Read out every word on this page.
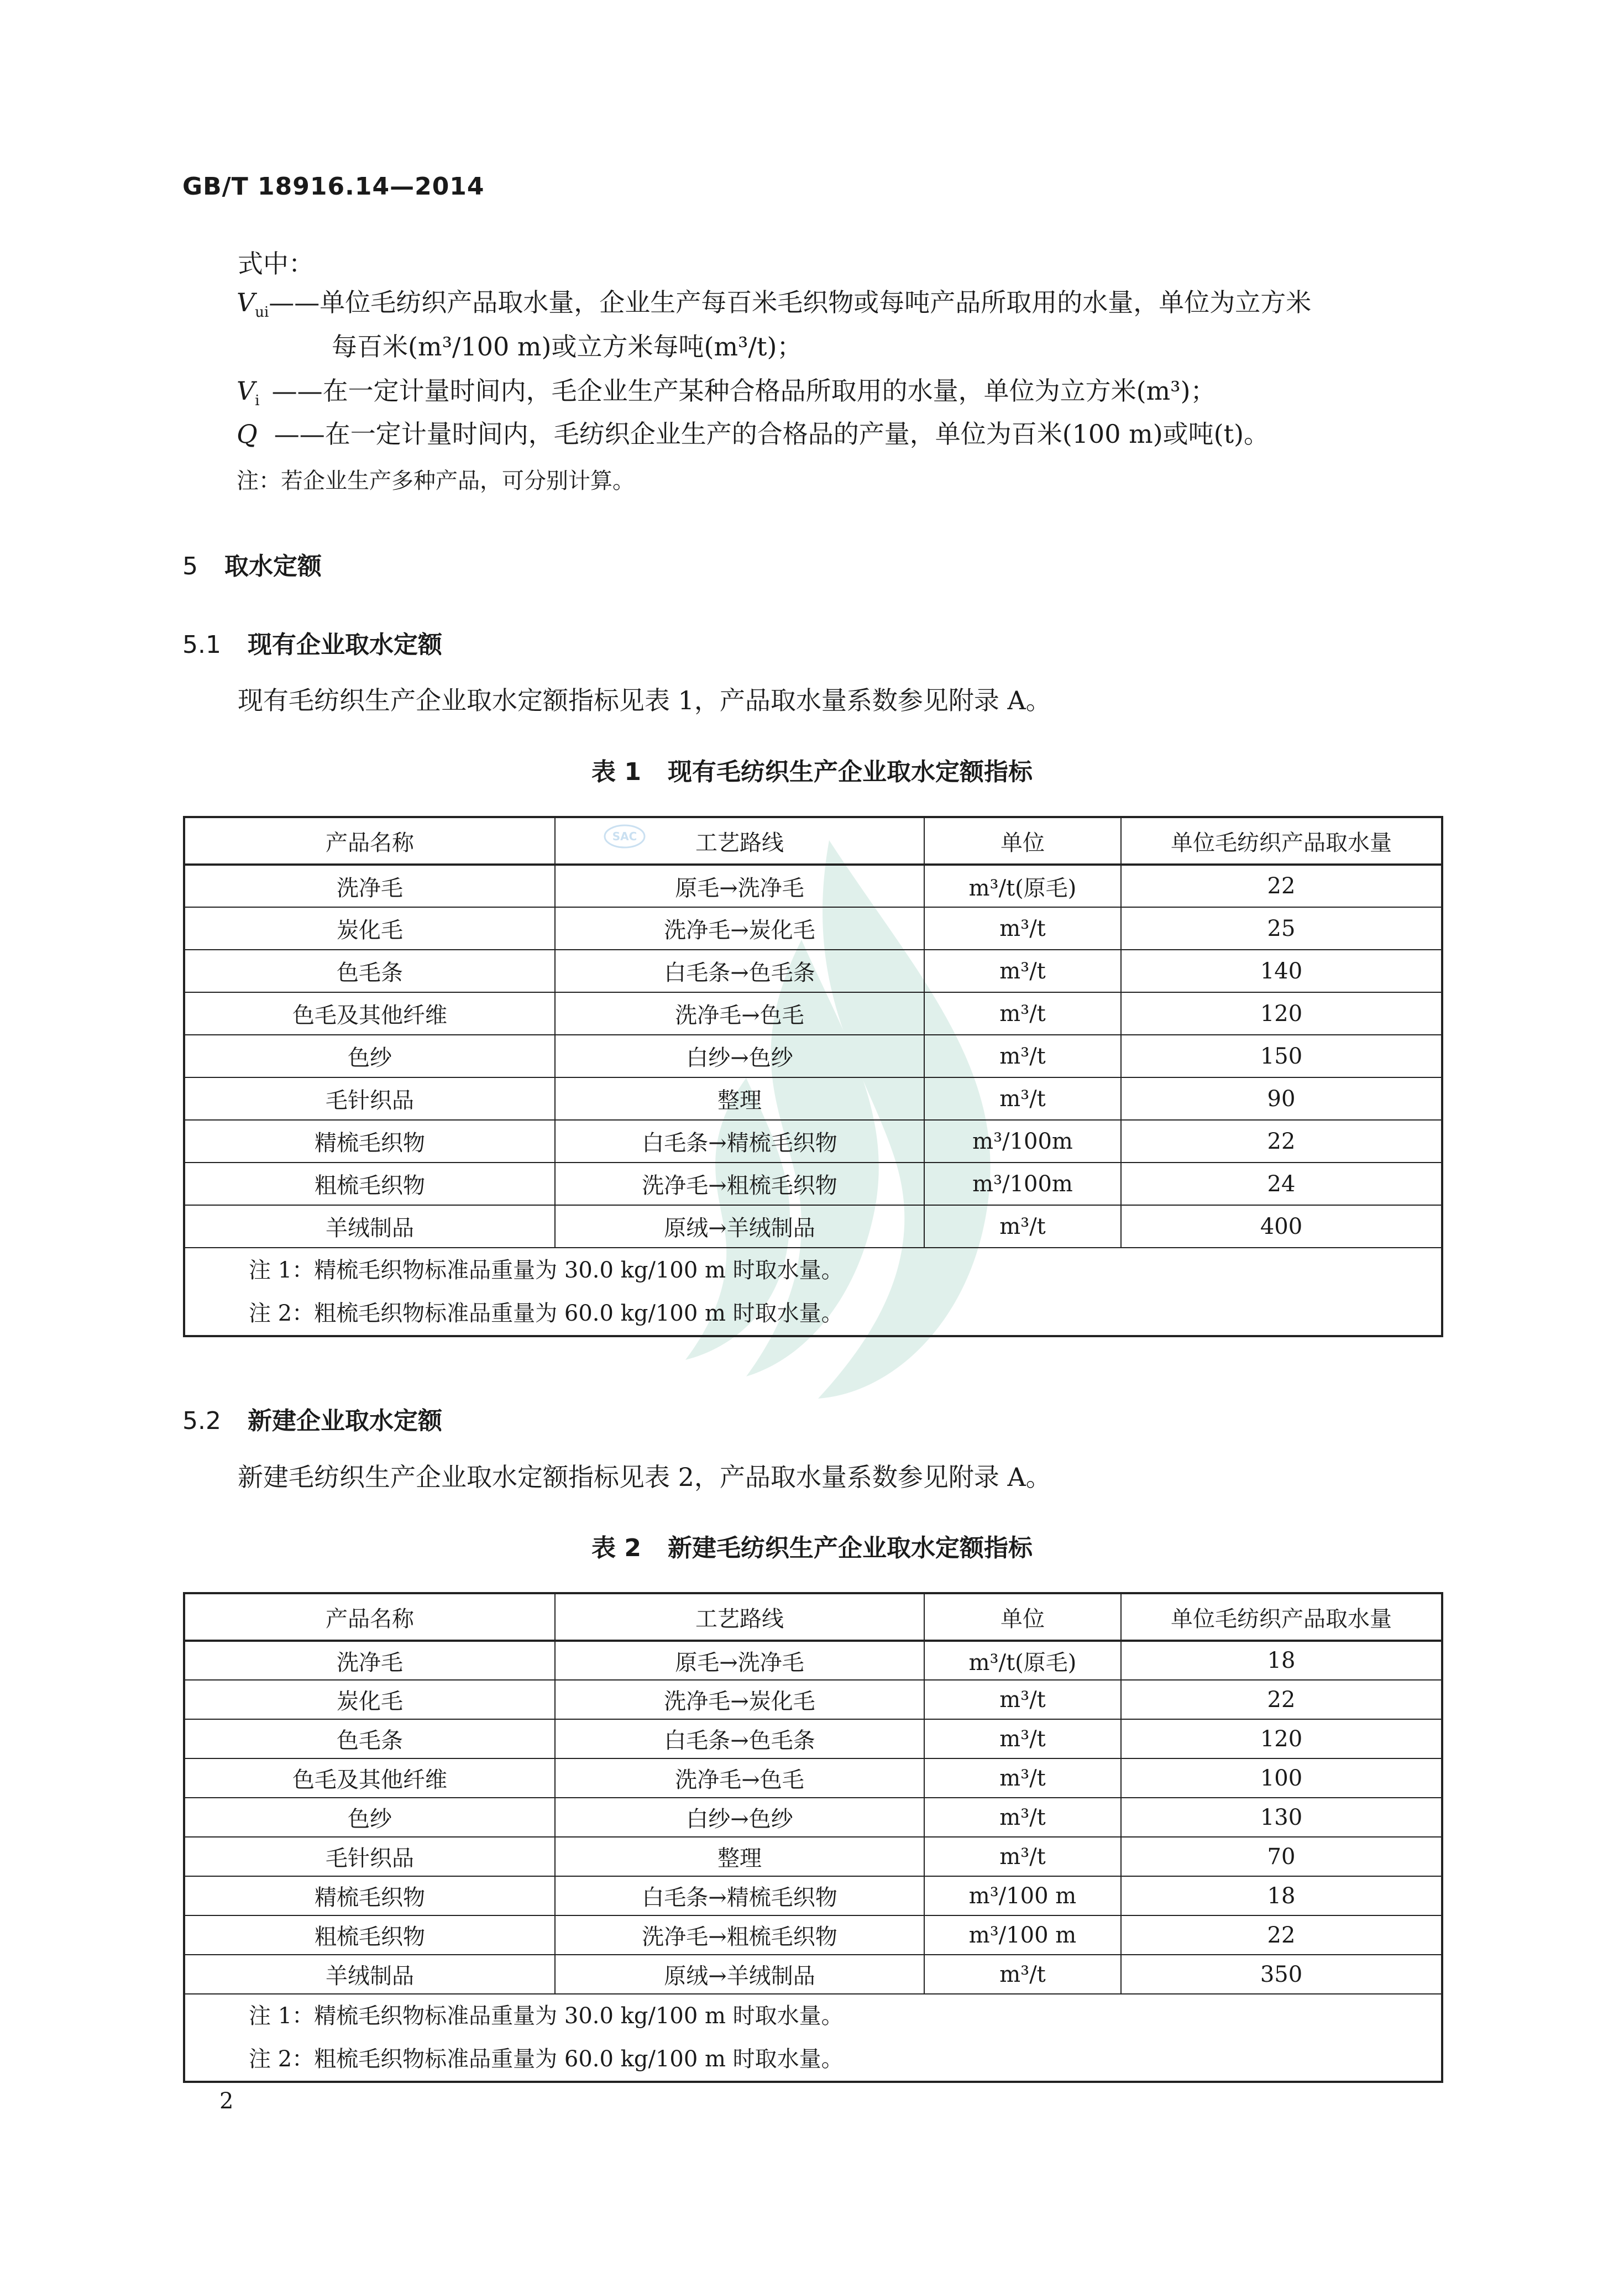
SAC
GB/T 18916.14—2014
式中：
$V_{ui}——$单位毛纺织产品取水量，企业生产每百米毛织物或每吨产品所取用的水量，单位为立方米
每百米(m³/100 m)或立方米每吨(m³/t)；
$V_i$ ——在一定计量时间内，毛企业生产某种合格品所取用的水量，单位为立方米(m³)；
Q ——在一定计量时间内，毛纺织企业生产的合格品的产量，单位为百米(100 m)或吨(t)。
注：若企业生产多种产品，可分别计算。
5 取水定额
5.1 现有企业取水定额
现有毛纺织生产企业取水定额指标见表 1，产品取水量系数参见附录 A。
表 1 现有毛纺织生产企业取水定额指标
产品名称	工艺路线	单位	单位毛纺织产品取水量
洗净毛	原毛→洗净毛	m³/t(原毛)	22
炭化毛	洗净毛→炭化毛	m³/t	25
色毛条	白毛条→色毛条	m³/t	140
色毛及其他纤维	洗净毛→色毛	m³/t	120
色纱	白纱→色纱	m³/t	150
毛针织品	整理	m³/t	90
精梳毛织物	白毛条→精梳毛织物	m³/100m	22
粗梳毛织物	洗净毛→粗梳毛织物	m³/100m	24
羊绒制品	原绒→羊绒制品	m³/t	400

注 1：精梳毛织物标准品重量为 30.0 kg/100 m 时取水量。
注 2：粗梳毛织物标准品重量为 60.0 kg/100 m 时取水量。			
5.2 新建企业取水定额
新建毛纺织生产企业取水定额指标见表 2，产品取水量系数参见附录 A。
表 2 新建毛纺织生产企业取水定额指标
产品名称	工艺路线	单位	单位毛纺织产品取水量
洗净毛	原毛→洗净毛	m³/t(原毛)	18
炭化毛	洗净毛→炭化毛	m³/t	22
色毛条	白毛条→色毛条	m³/t	120
色毛及其他纤维	洗净毛→色毛	m³/t	100
色纱	白纱→色纱	m³/t	130
毛针织品	整理	m³/t	70
精梳毛织物	白毛条→精梳毛织物	m³/100 m	18
粗梳毛织物	洗净毛→粗梳毛织物	m³/100 m	22
羊绒制品	原绒→羊绒制品	m³/t	350

注 1：精梳毛织物标准品重量为 30.0 kg/100 m 时取水量。
注 2：粗梳毛织物标准品重量为 60.0 kg/100 m 时取水量。			
2
